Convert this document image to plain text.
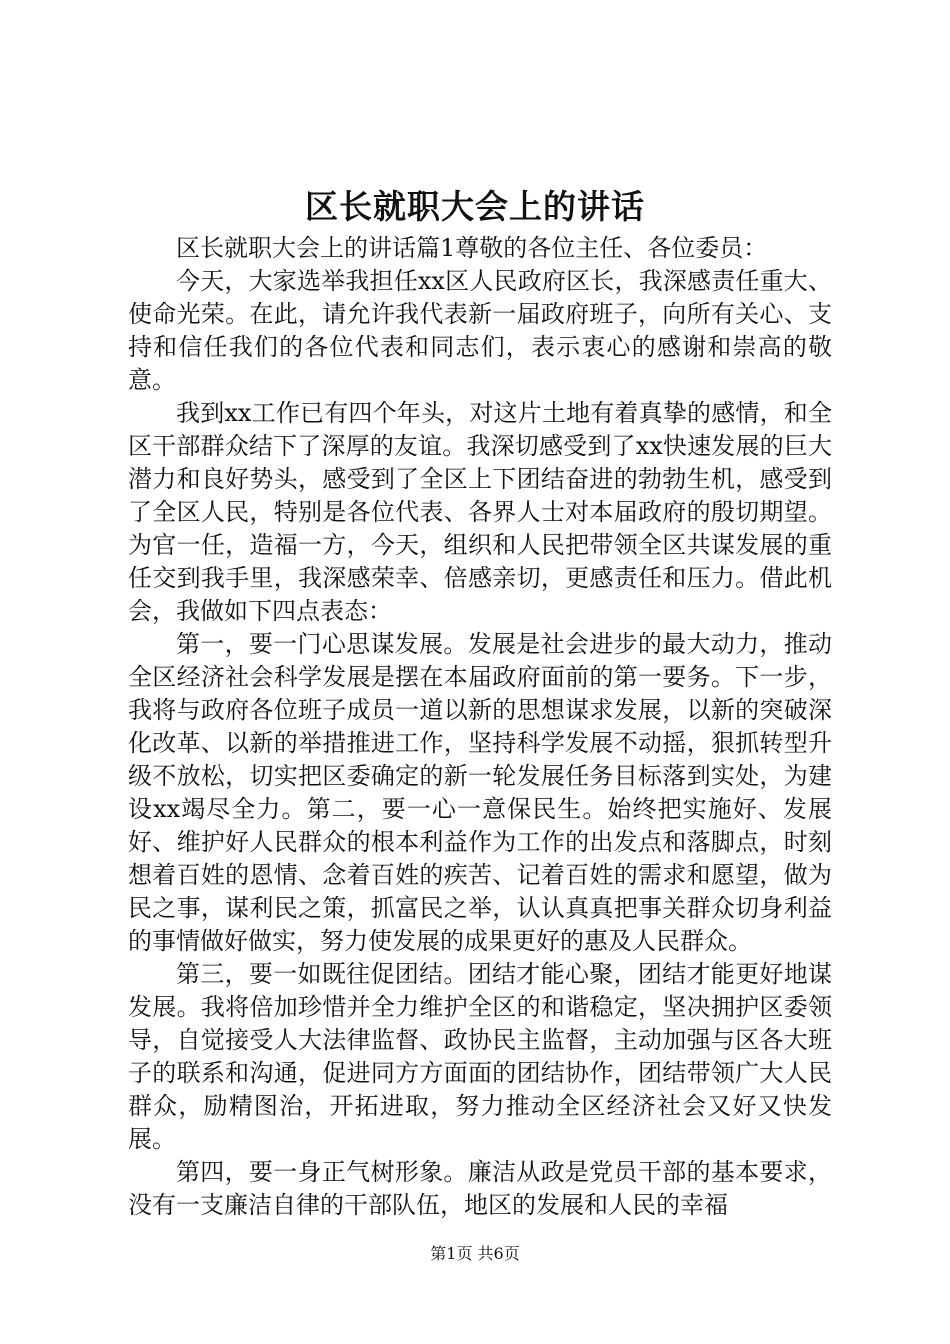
区长就职大会上的讲话

区长就职大会上的讲话篇1尊敬的各位主任、各位委员：

今天，大家选举我担任xx区人民政府区长，我深感责任重大、使命光荣。在此，请允许我代表新一届政府班子，向所有关心、支持和信任我们的各位代表和同志们，表示衷心的感谢和崇高的敬意。

我到xx工作已有四个年头，对这片土地有着真挚的感情，和全区干部群众结下了深厚的友谊。我深切感受到了xx快速发展的巨大潜力和良好势头，感受到了全区上下团结奋进的勃勃生机，感受到了全区人民，特别是各位代表、各界人士对本届政府的殷切期望。为官一任，造福一方，今天，组织和人民把带领全区共谋发展的重任交到我手里，我深感荣幸、倍感亲切，更感责任和压力。借此机会，我做如下四点表态：

第一，要一门心思谋发展。发展是社会进步的最大动力，推动全区经济社会科学发展是摆在本届政府面前的第一要务。下一步，我将与政府各位班子成员一道以新的思想谋求发展，以新的突破深化改革、以新的举措推进工作，坚持科学发展不动摇，狠抓转型升级不放松，切实把区委确定的新一轮发展任务目标落到实处，为建设xx竭尽全力。第二，要一心一意保民生。始终把实施好、发展好、维护好人民群众的根本利益作为工作的出发点和落脚点，时刻想着百姓的恩情、念着百姓的疾苦、记着百姓的需求和愿望，做为民之事，谋利民之策，抓富民之举，认认真真把事关群众切身利益的事情做好做实，努力使发展的成果更好的惠及人民群众。

第三，要一如既往促团结。团结才能心聚，团结才能更好地谋发展。我将倍加珍惜并全力维护全区的和谐稳定，坚决拥护区委领导，自觉接受人大法律监督、政协民主监督，主动加强与区各大班子的联系和沟通，促进同方方面面的团结协作，团结带领广大人民群众，励精图治，开拓进取，努力推动全区经济社会又好又快发展。

第四，要一身正气树形象。廉洁从政是党员干部的基本要求，没有一支廉洁自律的干部队伍，地区的发展和人民的幸福

第1页 共6页
